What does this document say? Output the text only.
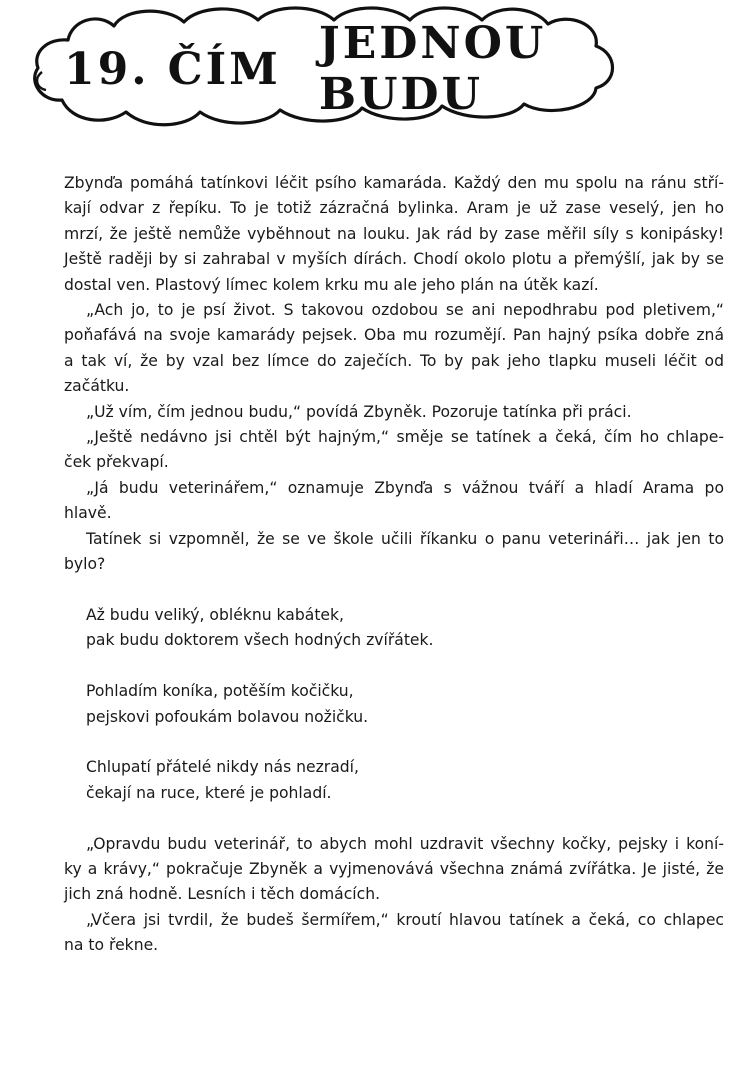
19. ČÍM JEDNOU BUDU

Zbynďa pomáhá tatínkovi léčit psího kamaráda. Každý den mu spolu na ránu stří-
kají odvar z řepíku. To je totiž zázračná bylinka. Aram je už zase veselý, jen ho
mrzí, že ještě nemůže vyběhnout na louku. Jak rád by zase měřil síly s konipásky!
Ještě raději by si zahrabal v myších dírách. Chodí okolo plotu a přemýšlí, jak by se
dostal ven. Plastový límec kolem krku mu ale jeho plán na útěk kazí.

„Ach jo, to je psí život. S takovou ozdobou se ani nepodhrabu pod pletivem,“
poňafává na svoje kamarády pejsek. Oba mu rozumějí. Pan hajný psíka dobře zná
a tak ví, že by vzal bez límce do zaječích. To by pak jeho tlapku museli léčit od
začátku.

„Už vím, čím jednou budu,“ povídá Zbyněk. Pozoruje tatínka při práci.

„Ještě nedávno jsi chtěl být hajným,“ směje se tatínek a čeká, čím ho chlape-
ček překvapí.

„Já budu veterinářem,“ oznamuje Zbynďa s vážnou tváří a hladí Arama po
hlavě.

Tatínek si vzpomněl, že se ve škole učili říkanku o panu veterináři… jak jen to
bylo?

Až budu veliký, obléknu kabátek,
pak budu doktorem všech hodných zvířátek.
Pohladím koníka, potěším kočičku,
pejskovi pofoukám bolavou nožičku.
Chlupatí přátelé nikdy nás nezradí,
čekají na ruce, které je pohladí.

„Opravdu budu veterinář, to abych mohl uzdravit všechny kočky, pejsky i koní-
ky a krávy,“ pokračuje Zbyněk a vyjmenovává všechna známá zvířátka. Je jisté, že
jich zná hodně. Lesních i těch domácích.

„Včera jsi tvrdil, že budeš šermířem,“ kroutí hlavou tatínek a čeká, co chlapec
na to řekne.
